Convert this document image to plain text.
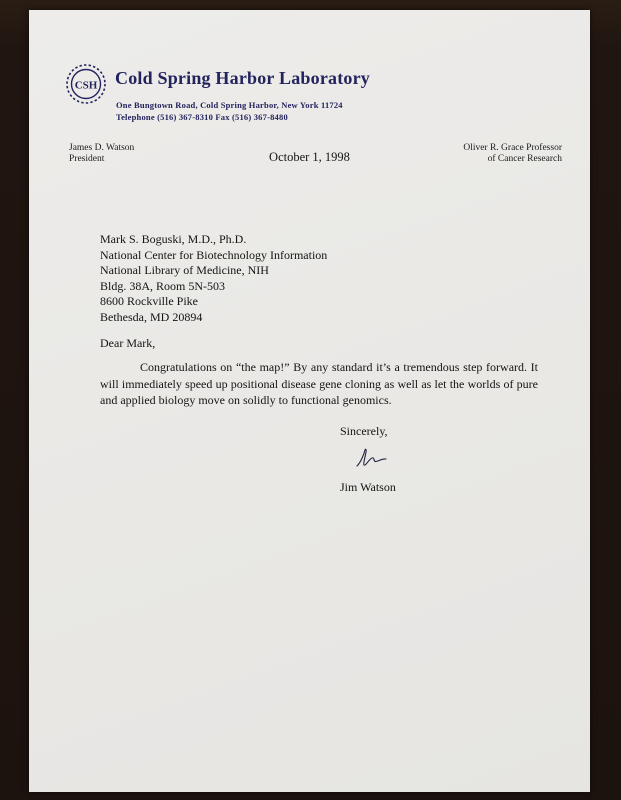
CSH Cold Spring Harbor Laboratory
One Bungtown Road, Cold Spring Harbor, New York 11724
Telephone (516) 367-8310 Fax (516) 367-8480
James D. Watson
President	October 1, 1998
Oliver R. Grace Professor
of Cancer Research
Mark S. Boguski, M.D., Ph.D.
National Center for Biotechnology Information
National Library of Medicine, NIH
Bldg. 38A, Room 5N-503
8600 Rockville Pike
Bethesda, MD 20894
Dear Mark,
Congratulations on “the map!” By any standard it’s a tremendous step forward. It will immediately speed up positional disease gene cloning as well as let the worlds of pure and applied biology move on solidly to functional genomics.
Sincerely,
Jim Watson
